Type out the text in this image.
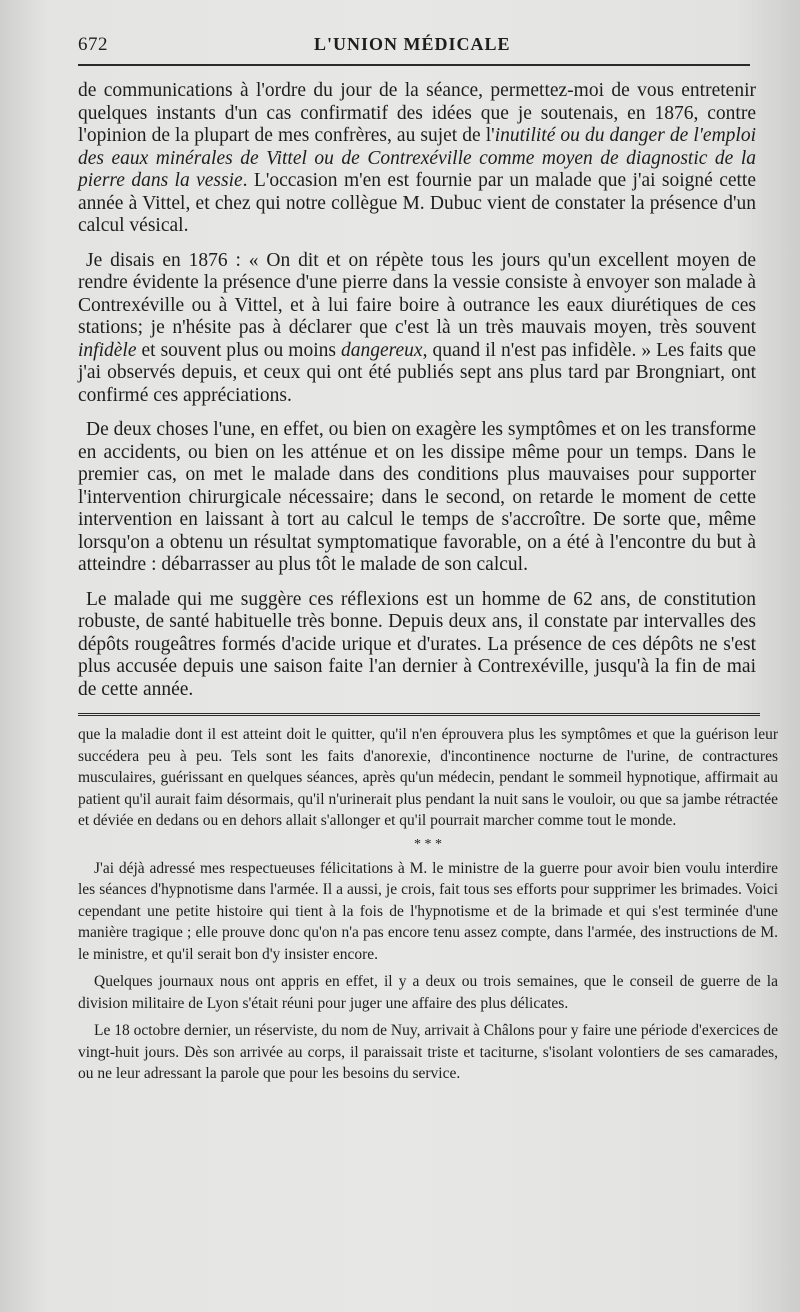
672	L'UNION MÉDICALE

de communications à l'ordre du jour de la séance, permettez-moi de vous entretenir quelques instants d'un cas confirmatif des idées que je soutenais, en 1876, contre l'opinion de la plupart de mes confrères, au sujet de l'inutilité ou du danger de l'emploi des eaux minérales de Vittel ou de Contrexéville comme moyen de diagnostic de la pierre dans la vessie. L'occasion m'en est fournie par un malade que j'ai soigné cette année à Vittel, et chez qui notre collègue M. Dubuc vient de constater la présence d'un calcul vésical.

Je disais en 1876 : « On dit et on répète tous les jours qu'un excellent moyen de rendre évidente la présence d'une pierre dans la vessie consiste à envoyer son malade à Contrexéville ou à Vittel, et à lui faire boire à outrance les eaux diurétiques de ces stations; je n'hésite pas à déclarer que c'est là un très mauvais moyen, très souvent infidèle et souvent plus ou moins dangereux, quand il n'est pas infidèle. » Les faits que j'ai observés depuis, et ceux qui ont été publiés sept ans plus tard par Brongniart, ont confirmé ces appréciations.

De deux choses l'une, en effet, ou bien on exagère les symptômes et on les transforme en accidents, ou bien on les atténue et on les dissipe même pour un temps. Dans le premier cas, on met le malade dans des conditions plus mauvaises pour supporter l'intervention chirurgicale nécessaire; dans le second, on retarde le moment de cette intervention en laissant à tort au calcul le temps de s'accroître. De sorte que, même lorsqu'on a obtenu un résultat symptomatique favorable, on a été à l'encontre du but à atteindre : débarrasser au plus tôt le malade de son calcul.

Le malade qui me suggère ces réflexions est un homme de 62 ans, de constitution robuste, de santé habituelle très bonne. Depuis deux ans, il constate par intervalles des dépôts rougeâtres formés d'acide urique et d'urates. La présence de ces dépôts ne s'est plus accusée depuis une saison faite l'an dernier à Contrexéville, jusqu'à la fin de mai de cette année.

que la maladie dont il est atteint doit le quitter, qu'il n'en éprouvera plus les symptômes et que la guérison leur succédera peu à peu. Tels sont les faits d'anorexie, d'incontinence nocturne de l'urine, de contractures musculaires, guérissant en quelques séances, après qu'un médecin, pendant le sommeil hypnotique, affirmait au patient qu'il aurait faim désormais, qu'il n'urinerait plus pendant la nuit sans le vouloir, ou que sa jambe rétractée et déviée en dedans ou en dehors allait s'allonger et qu'il pourrait marcher comme tout le monde.

* * *

J'ai déjà adressé mes respectueuses félicitations à M. le ministre de la guerre pour avoir bien voulu interdire les séances d'hypnotisme dans l'armée. Il a aussi, je crois, fait tous ses efforts pour supprimer les brimades. Voici cependant une petite histoire qui tient à la fois de l'hypnotisme et de la brimade et qui s'est terminée d'une manière tragique ; elle prouve donc qu'on n'a pas encore tenu assez compte, dans l'armée, des instructions de M. le ministre, et qu'il serait bon d'y insister encore.

Quelques journaux nous ont appris en effet, il y a deux ou trois semaines, que le conseil de guerre de la division militaire de Lyon s'était réuni pour juger une affaire des plus délicates.

Le 18 octobre dernier, un réserviste, du nom de Nuy, arrivait à Châlons pour y faire une période d'exercices de vingt-huit jours. Dès son arrivée au corps, il paraissait triste et taciturne, s'isolant volontiers de ses camarades, ou ne leur adressant la parole que pour les besoins du service.
